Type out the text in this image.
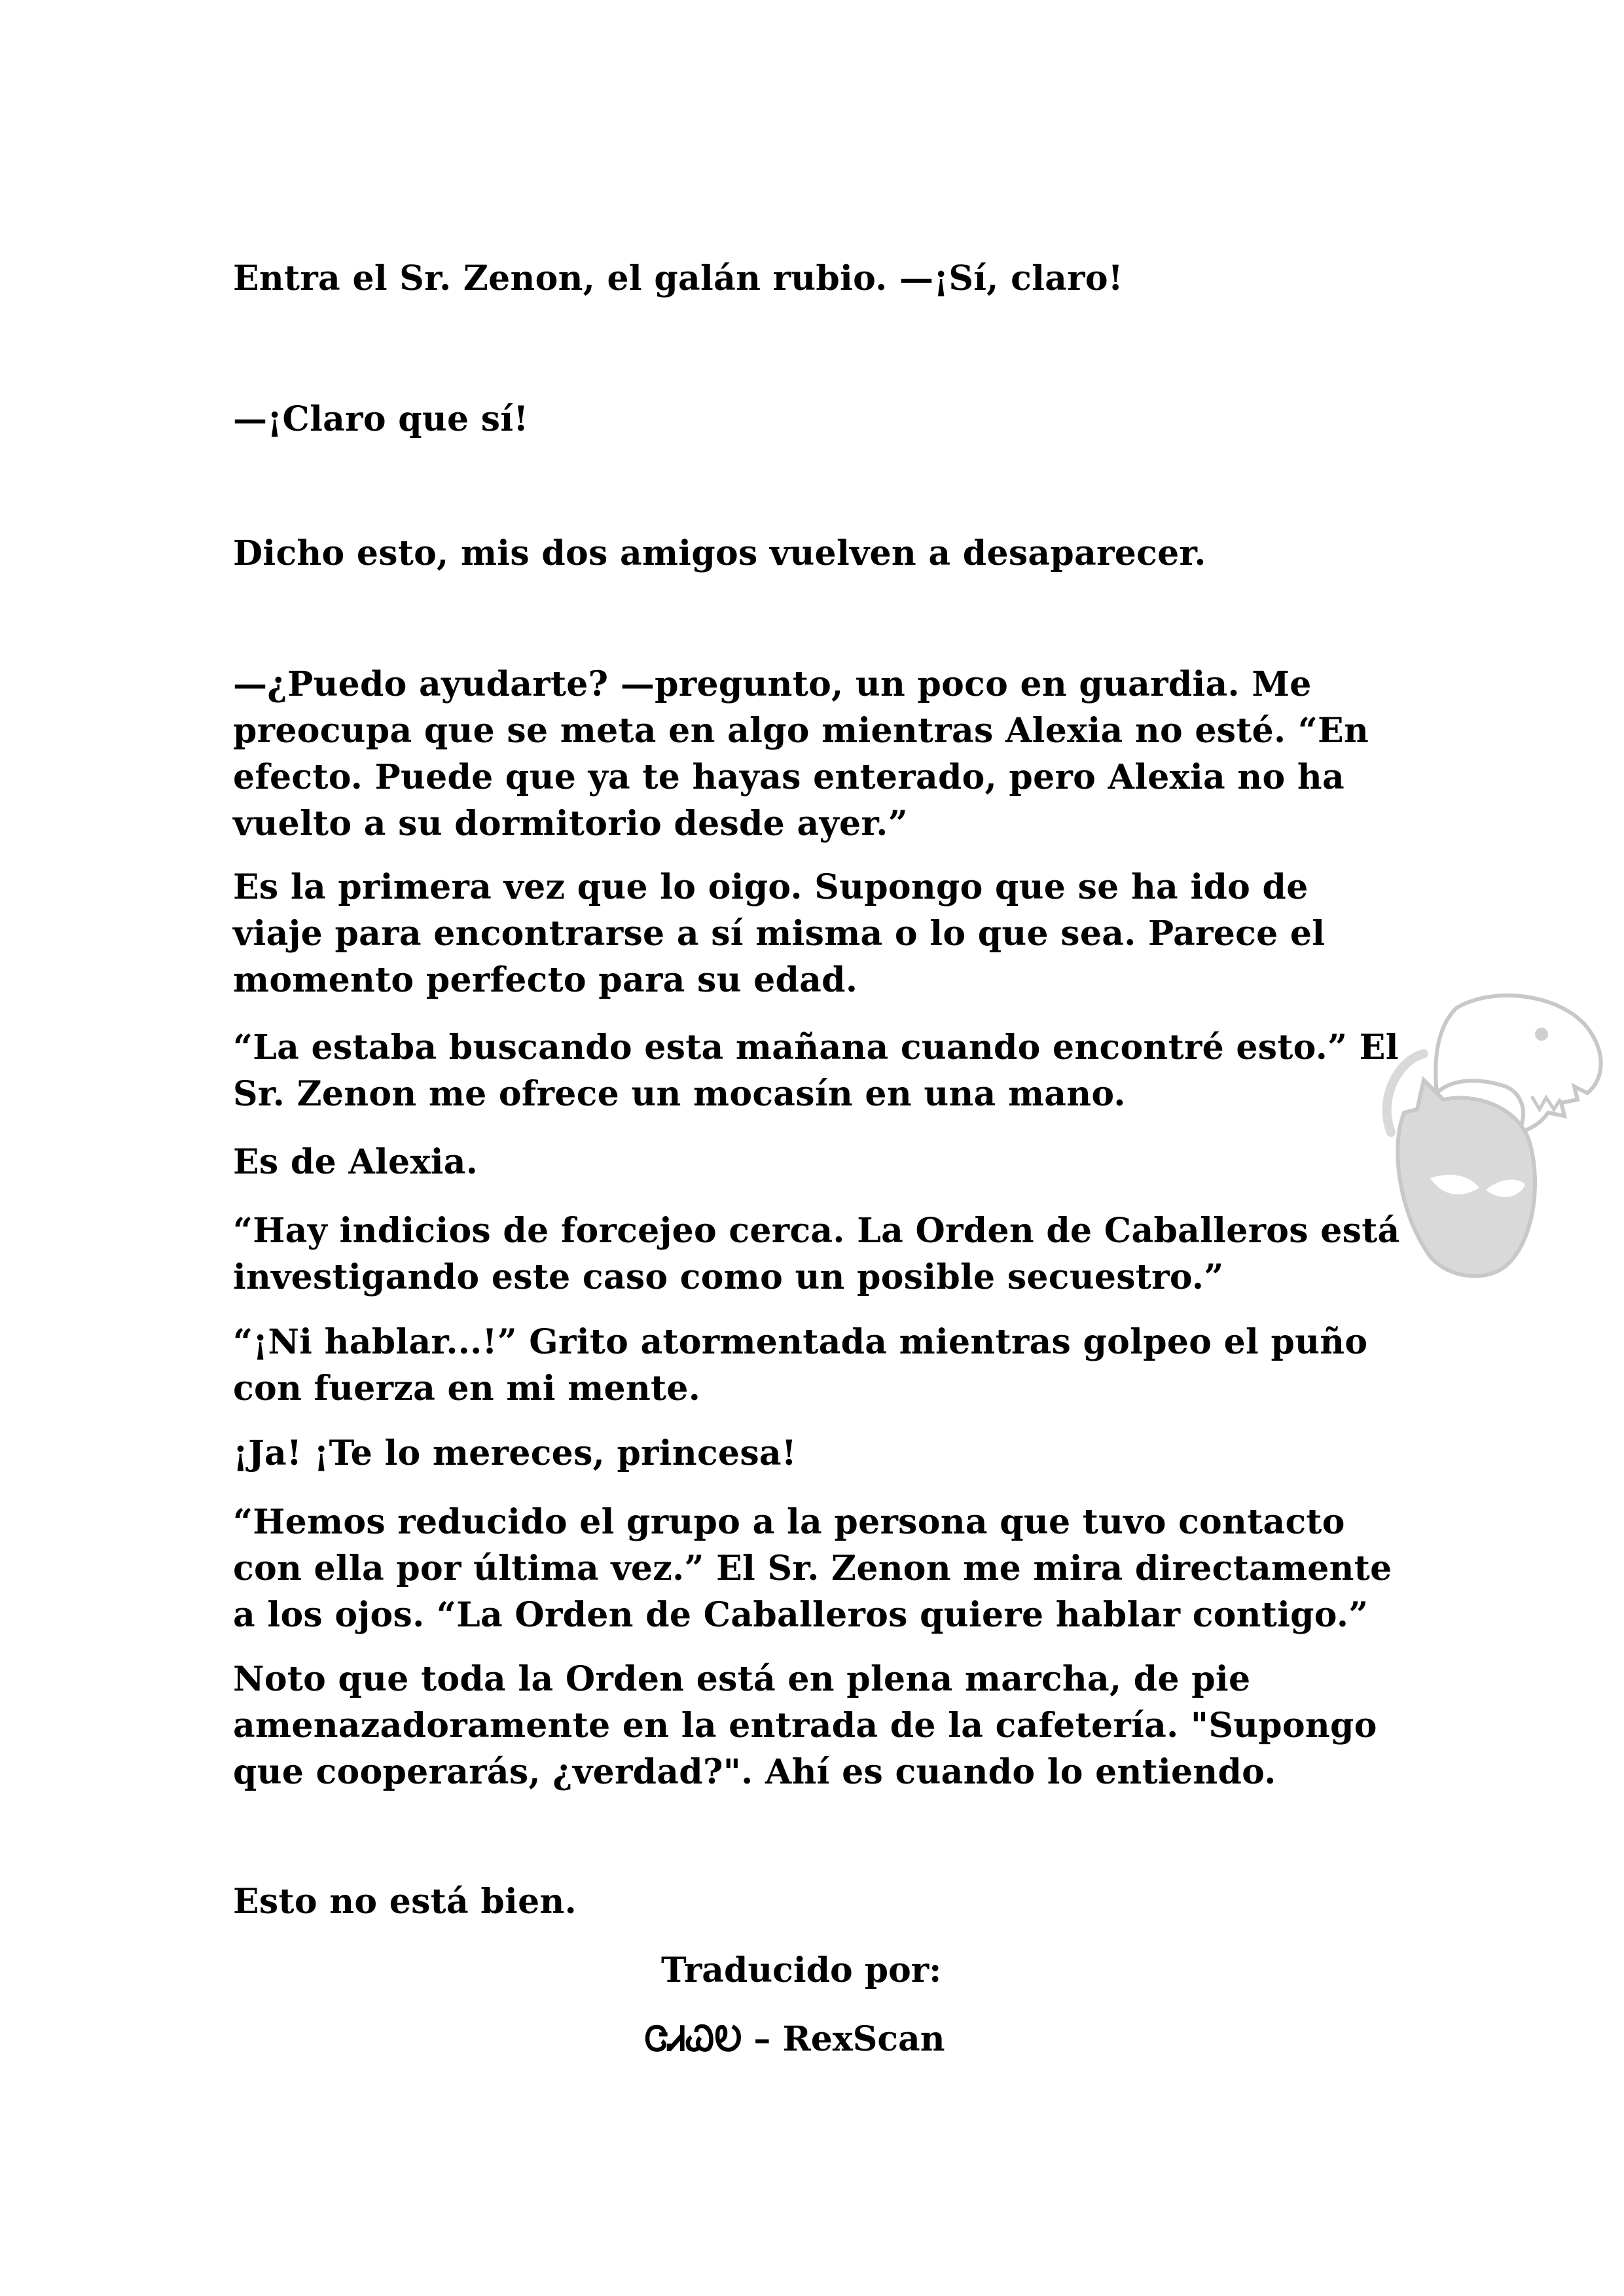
Entra el Sr. Zenon, el galán rubio. —¡Sí, claro!

—¡Claro que sí!

Dicho esto, mis dos amigos vuelven a desaparecer.

—¿Puedo ayudarte? —pregunto, un poco en guardia. Me preocupa que se meta en algo mientras Alexia no esté. “En efecto. Puede que ya te hayas enterado, pero Alexia no ha vuelto a su dormitorio desde ayer.”

Es la primera vez que lo oigo. Supongo que se ha ido de viaje para encontrarse a sí misma o lo que sea. Parece el momento perfecto para su edad.

“La estaba buscando esta mañana cuando encontré esto.” El Sr. Zenon me ofrece un mocasín en una mano.

Es de Alexia.

“Hay indicios de forcejeo cerca. La Orden de Caballeros está investigando este caso como un posible secuestro.”

“¡Ni hablar...!” Grito atormentada mientras golpeo el puño con fuerza en mi mente.

¡Ja! ¡Te lo mereces, princesa!

“Hemos reducido el grupo a la persona que tuvo contacto con ella por última vez.” El Sr. Zenon me mira directamente a los ojos. “La Orden de Caballeros quiere hablar contigo.”

Noto que toda la Orden está en plena marcha, de pie amenazadoramente en la entrada de la cafetería. "Supongo que cooperarás, ¿verdad?". Ahí es cuando lo entiendo.

Esto no está bien.

Traducido por:

ᏣᏗᏇᎧ – RexScan
